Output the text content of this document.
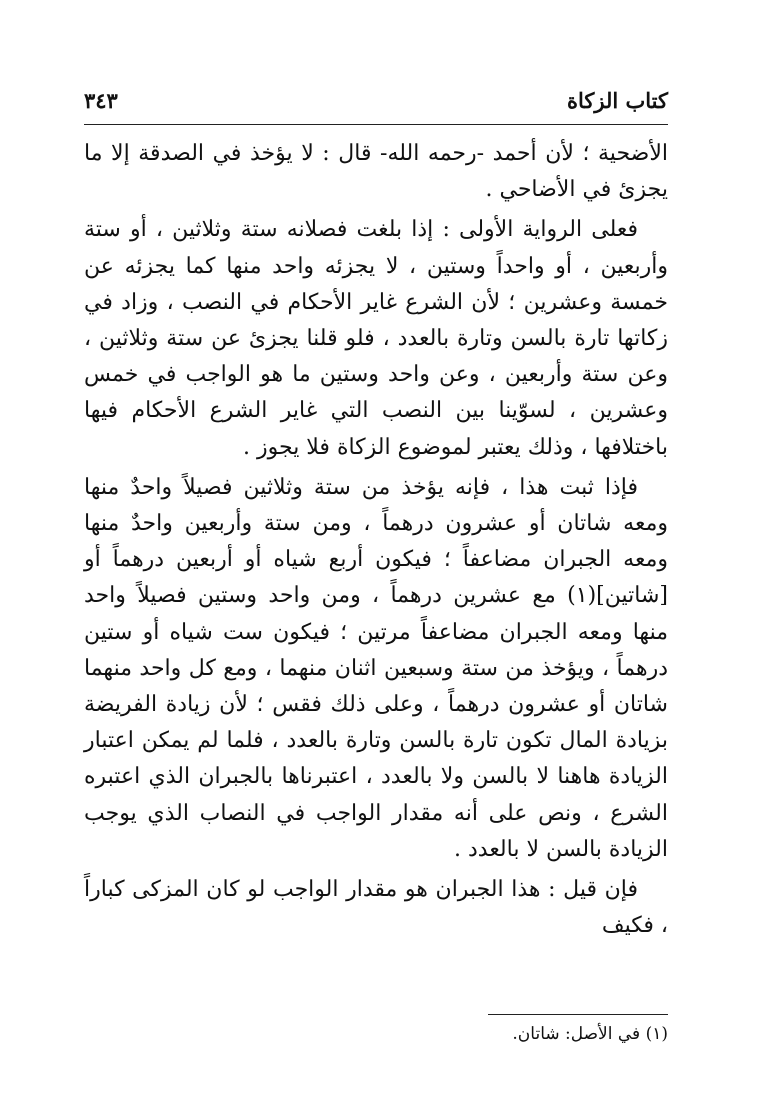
كتاب الزكاة
٣٤٣

الأضحية ؛ لأن أحمد -رحمه الله- قال : لا يؤخذ في الصدقة إلا ما يجزئ في الأضاحي .

فعلى الرواية الأولى : إذا بلغت فصلانه ستة وثلاثين ، أو ستة وأربعين ، أو واحداً وستين ، لا يجزئه واحد منها كما يجزئه عن خمسة وعشرين ؛ لأن الشرع غاير الأحكام في النصب ، وزاد في زكاتها تارة بالسن وتارة بالعدد ، فلو قلنا يجزئ عن ستة وثلاثين ، وعن ستة وأربعين ، وعن واحد وستين ما هو الواجب في خمس وعشرين ، لسوّينا بين النصب التي غاير الشرع الأحكام فيها باختلافها ، وذلك يعتبر لموضوع الزكاة فلا يجوز .

فإذا ثبت هذا ، فإنه يؤخذ من ستة وثلاثين فصيلاً واحدٌ منها ومعه شاتان أو عشرون درهماً ، ومن ستة وأربعين واحدٌ منها ومعه الجبران مضاعفاً ؛ فيكون أربع شياه أو أربعين درهماً أو [شاتين](١) مع عشرين درهماً ، ومن واحد وستين فصيلاً واحد منها ومعه الجبران مضاعفاً مرتين ؛ فيكون ست شياه أو ستين درهماً ، ويؤخذ من ستة وسبعين اثنان منهما ، ومع كل واحد منهما شاتان أو عشرون درهماً ، وعلى ذلك فقس ؛ لأن زيادة الفريضة بزيادة المال تكون تارة بالسن وتارة بالعدد ، فلما لم يمكن اعتبار الزيادة هاهنا لا بالسن ولا بالعدد ، اعتبرناها بالجبران الذي اعتبره الشرع ، ونص على أنه مقدار الواجب في النصاب الذي يوجب الزيادة بالسن لا بالعدد .

فإن قيل : هذا الجبران هو مقدار الواجب لو كان المزكى كباراً ، فكيف

(١) في الأصل: شاتان.
